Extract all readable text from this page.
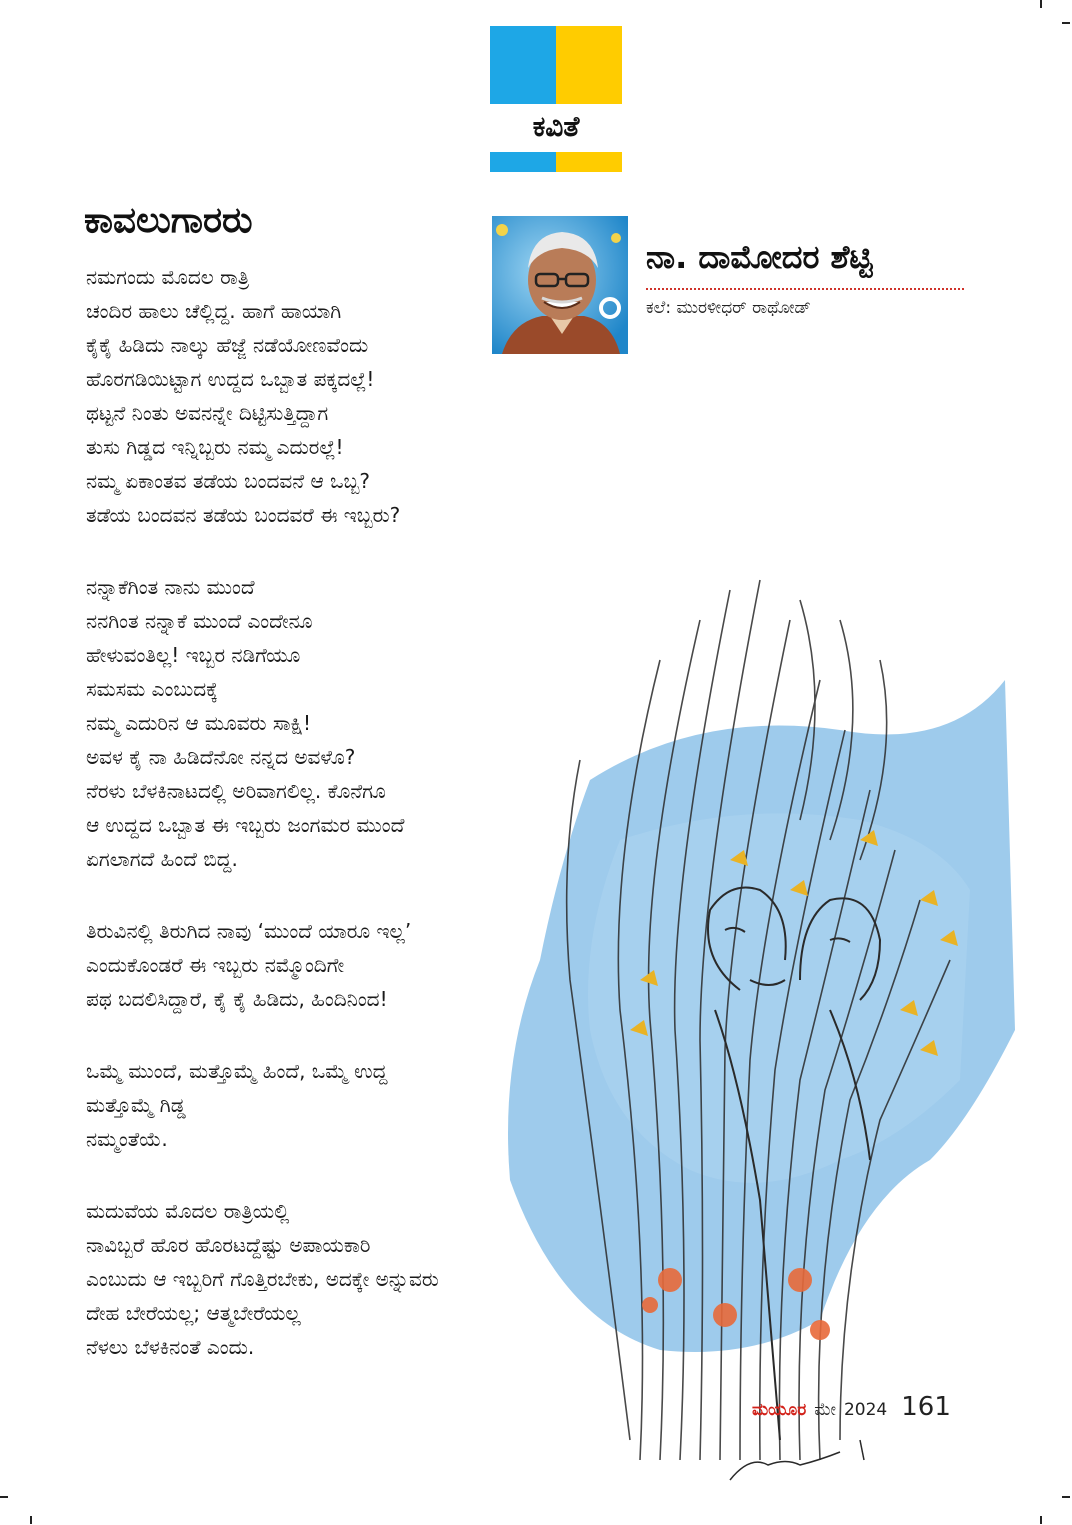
ಕವಿತೆ
ಕಾವಲುಗಾರರು
ನಾ. ದಾಮೋದರ ಶೆಟ್ಟಿ
ಕಲೆ: ಮುರಳೀಧರ್ ರಾಥೋಡ್
ನಮಗಂದು ಮೊದಲ ರಾತ್ರಿ
ಚಂದಿರ ಹಾಲು ಚೆಲ್ಲಿದ್ದ. ಹಾಗೆ ಹಾಯಾಗಿ
ಕೈಕೈ ಹಿಡಿದು ನಾಲ್ಕು ಹೆಜ್ಜೆ ನಡೆಯೋಣವೆಂದು
ಹೊರಗಡಿಯಿಟ್ಟಾಗ ಉದ್ದದ ಒಬ್ಬಾತ ಪಕ್ಕದಲ್ಲೆ!
ಥಟ್ಟನೆ ನಿಂತು ಅವನನ್ನೇ ದಿಟ್ಟಿಸುತ್ತಿದ್ದಾಗ
ತುಸು ಗಿಡ್ಡದ ಇನ್ನಿಬ್ಬರು ನಮ್ಮ ಎದುರಲ್ಲೆ!
ನಮ್ಮ ಏಕಾಂತವ ತಡೆಯ ಬಂದವನೆ ಆ ಒಬ್ಬ?
ತಡೆಯ ಬಂದವನ ತಡೆಯ ಬಂದವರೆ ಈ ಇಬ್ಬರು?
ನನ್ನಾಕೆಗಿಂತ ನಾನು ಮುಂದೆ
ನನಗಿಂತ ನನ್ನಾಕೆ ಮುಂದೆ ಎಂದೇನೂ
ಹೇಳುವಂತಿಲ್ಲ! ಇಬ್ಬರ ನಡಿಗೆಯೂ
ಸಮಸಮ ಎಂಬುದಕ್ಕೆ
ನಮ್ಮ ಎದುರಿನ ಆ ಮೂವರು ಸಾಕ್ಷಿ!
ಅವಳ ಕೈ ನಾ ಹಿಡಿದೆನೋ ನನ್ನದ ಅವಳೊ?
ನೆರಳು ಬೆಳಕಿನಾಟದಲ್ಲಿ ಅರಿವಾಗಲಿಲ್ಲ. ಕೊನೆಗೂ
ಆ ಉದ್ದದ ಒಬ್ಬಾತ ಈ ಇಬ್ಬರು ಜಂಗಮರ ಮುಂದೆ
ಏಗಲಾಗದೆ ಹಿಂದೆ ಬಿದ್ದ.
ತಿರುವಿನಲ್ಲಿ ತಿರುಗಿದ ನಾವು ‘ಮುಂದೆ ಯಾರೂ ಇಲ್ಲ’
ಎಂದುಕೊಂಡರೆ ಈ ಇಬ್ಬರು ನಮ್ಮೊಂದಿಗೇ
ಪಥ ಬದಲಿಸಿದ್ದಾರೆ, ಕೈ ಕೈ ಹಿಡಿದು, ಹಿಂದಿನಿಂದ!
ಒಮ್ಮೆ ಮುಂದೆ, ಮತ್ತೊಮ್ಮೆ ಹಿಂದೆ, ಒಮ್ಮೆ ಉದ್ದ
ಮತ್ತೊಮ್ಮೆ ಗಿಡ್ಡ
ನಮ್ಮಂತೆಯೆ.
ಮದುವೆಯ ಮೊದಲ ರಾತ್ರಿಯಲ್ಲಿ
ನಾವಿಬ್ಬರೆ ಹೊರ ಹೊರಟದ್ದೆಷ್ಟು ಅಪಾಯಕಾರಿ
ಎಂಬುದು ಆ ಇಬ್ಬರಿಗೆ ಗೊತ್ತಿರಬೇಕು, ಅದಕ್ಕೇ ಅನ್ನುವರು
ದೇಹ ಬೇರೆಯಲ್ಲ; ಆತ್ಮಬೇರೆಯಲ್ಲ
ನೆಳಲು ಬೆಳಕಿನಂತೆ ಎಂದು.
ಮಯೂರ ಮೇ 2024 161
